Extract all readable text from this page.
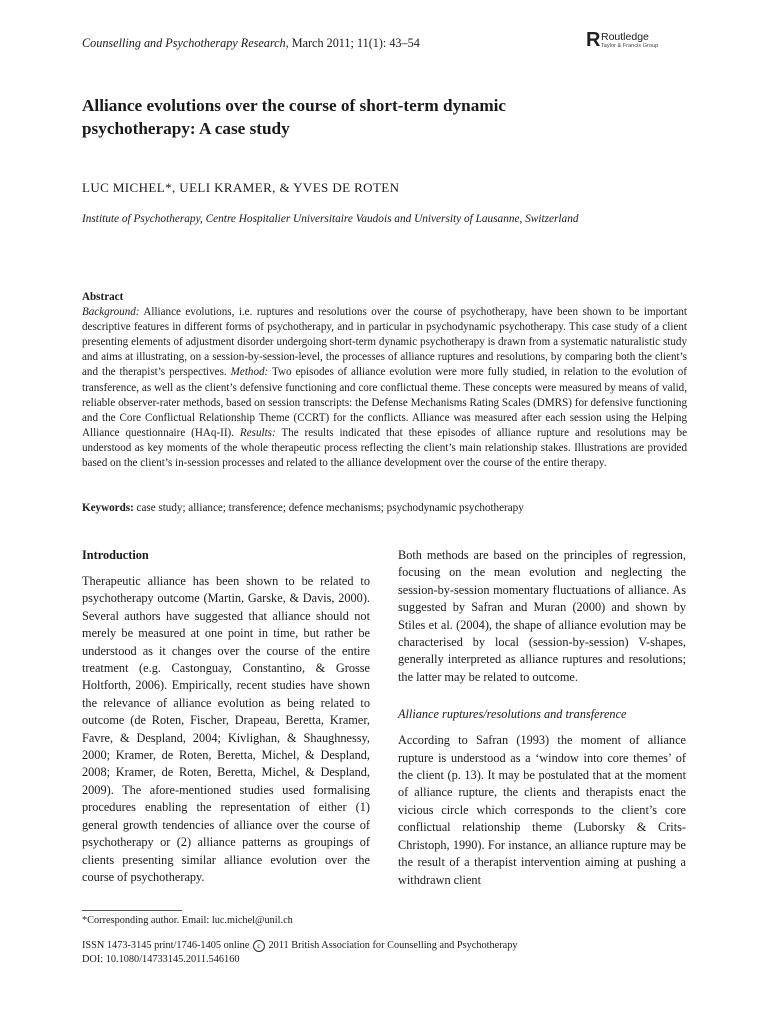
Counselling and Psychotherapy Research, March 2011; 11(1): 43–54	R Routledge
Taylor & Francis Group
Alliance evolutions over the course of short-term dynamic
psychotherapy: A case study
LUC MICHEL*, UELI KRAMER, & YVES DE ROTEN
Institute of Psychotherapy, Centre Hospitalier Universitaire Vaudois and University of Lausanne, Switzerland
Abstract
Background: Alliance evolutions, i.e. ruptures and resolutions over the course of psychotherapy, have been shown to be important descriptive features in different forms of psychotherapy, and in particular in psychodynamic psychotherapy. This case study of a client presenting elements of adjustment disorder undergoing short-term dynamic psychotherapy is drawn from a systematic naturalistic study and aims at illustrating, on a session-by-session-level, the processes of alliance ruptures and resolutions, by comparing both the client’s and the therapist’s perspectives. Method: Two episodes of alliance evolution were more fully studied, in relation to the evolution of transference, as well as the client’s defensive functioning and core conflictual theme. These concepts were measured by means of valid, reliable observer-rater methods, based on session transcripts: the Defense Mechanisms Rating Scales (DMRS) for defensive functioning and the Core Conflictual Relationship Theme (CCRT) for the conflicts. Alliance was measured after each session using the Helping Alliance questionnaire (HAq-II). Results: The results indicated that these episodes of alliance rupture and resolutions may be understood as key moments of the whole therapeutic process reflecting the client’s main relationship stakes. Illustrations are provided based on the client’s in-session processes and related to the alliance development over the course of the entire therapy.
Keywords: case study; alliance; transference; defence mechanisms; psychodynamic psychotherapy
Introduction

Therapeutic alliance has been shown to be related to psychotherapy outcome (Martin, Garske, & Davis, 2000). Several authors have suggested that alliance should not merely be measured at one point in time, but rather be understood as it changes over the course of the entire treatment (e.g. Castonguay, Constantino, & Grosse Holtforth, 2006). Empirically, recent studies have shown the relevance of alliance evolution as being related to outcome (de Roten, Fischer, Drapeau, Beretta, Kramer, Favre, & Despland, 2004; Kivlighan, & Shaughnessy, 2000; Kramer, de Roten, Beretta, Michel, & Despland, 2008; Kramer, de Roten, Beretta, Michel, & Despland, 2009). The afore-mentioned studies used formalising procedures enabling the representation of either (1) general growth tendencies of alliance over the course of psychotherapy or (2) alliance patterns as groupings of clients presenting similar alliance evolution over the course of psychotherapy.

Both methods are based on the principles of regression, focusing on the mean evolution and neglecting the session-by-session momentary fluctuations of alliance. As suggested by Safran and Muran (2000) and shown by Stiles et al. (2004), the shape of alliance evolution may be characterised by local (session-by-session) V-shapes, generally interpreted as alliance ruptures and resolutions; the latter may be related to outcome.

Alliance ruptures/resolutions and transference

According to Safran (1993) the moment of alliance rupture is understood as a ‘window into core themes’ of the client (p. 13). It may be postulated that at the moment of alliance rupture, the clients and therapists enact the vicious circle which corresponds to the client’s core conflictual relationship theme (Luborsky & Crits-Christoph, 1990). For instance, an alliance rupture may be the result of a therapist intervention aiming at pushing a withdrawn client

*Corresponding author. Email: luc.michel@unil.ch
ISSN 1473-3145 print/1746-1405 online c 2011 British Association for Counselling and Psychotherapy
DOI: 10.1080/14733145.2011.546160
